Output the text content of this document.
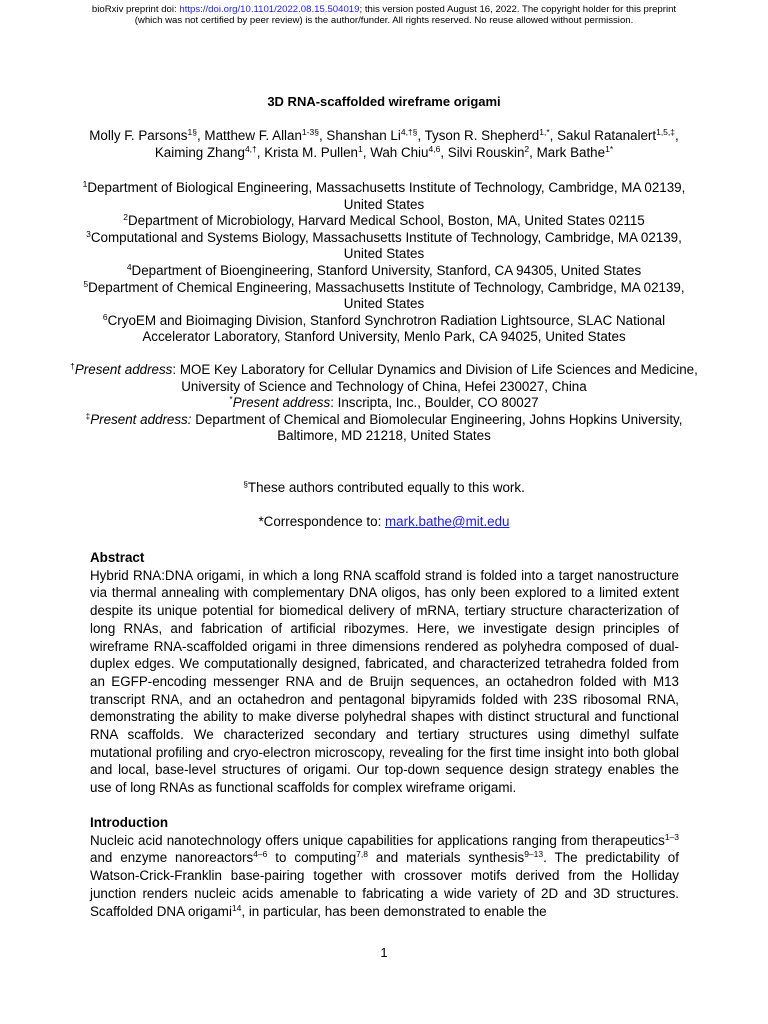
bioRxiv preprint doi: https://doi.org/10.1101/2022.08.15.504019; this version posted August 16, 2022. The copyright holder for this preprint
(which was not certified by peer review) is the author/funder. All rights reserved. No reuse allowed without permission.
3D RNA-scaffolded wireframe origami

Molly F. Parsons$^{1\S}$, Matthew F. Allan$^{1-3\S}$, Shanshan $Li^{4,\dagger\S}$, Tyson R. Shepherd$^{1,*}$, Sakul Ratanalert$^{1,5,\ddagger}$, Kaiming Zhang$^{4,\dagger}$, Krista M. Pullen$^1$, Wah Chiu$^{4,6}$, Silvi Rouskin$^2$, Mark Bathe$^{1*}$

$^1$Department of Biological Engineering, Massachusetts Institute of Technology, Cambridge, MA 02139, United States

$^2$Department of Microbiology, Harvard Medical School, Boston, MA, United States 02115

$^3$Computational and Systems Biology, Massachusetts Institute of Technology, Cambridge, MA 02139, United States

$^4$Department of Bioengineering, Stanford University, Stanford, CA 94305, United States

$^5$Department of Chemical Engineering, Massachusetts Institute of Technology, Cambridge, MA 02139, United States

$^6$CryoEM and Bioimaging Division, Stanford Synchrotron Radiation Lightsource, SLAC National Accelerator Laboratory, Stanford University, Menlo Park, CA 94025, United States

†Present address: MOE Key Laboratory for Cellular Dynamics and Division of Life Sciences and Medicine, University of Science and Technology of China, Hefei 230027, China

*Present address: Inscripta, Inc., Boulder, CO 80027

‡Present address: Department of Chemical and Biomolecular Engineering, Johns Hopkins University, Baltimore, MD 21218, United States

§These authors contributed equally to this work.

*Correspondence to: mark.bathe@mit.edu

Abstract

Hybrid RNA:DNA origami, in which a long RNA scaffold strand is folded into a target nanostructure via thermal annealing with complementary DNA oligos, has only been explored to a limited extent despite its unique potential for biomedical delivery of mRNA, tertiary structure characterization of long RNAs, and fabrication of artificial ribozymes. Here, we investigate design principles of wireframe RNA-scaffolded origami in three dimensions rendered as polyhedra composed of dual-duplex edges. We computationally designed, fabricated, and characterized tetrahedra folded from an EGFP-encoding messenger RNA and de Bruijn sequences, an octahedron folded with M13 transcript RNA, and an octahedron and pentagonal bipyramids folded with 23S ribosomal RNA, demonstrating the ability to make diverse polyhedral shapes with distinct structural and functional RNA scaffolds. We characterized secondary and tertiary structures using dimethyl sulfate mutational profiling and cryo-electron microscopy, revealing for the first time insight into both global and local, base-level structures of origami. Our top-down sequence design strategy enables the use of long RNAs as functional scaffolds for complex wireframe origami.

Introduction

Nucleic acid nanotechnology offers unique capabilities for applications ranging from therapeutics$^{1-3}$ and enzyme nanoreactors$^{4-6}$ to computing$^{7,8}$ and materials synthesis$^{9-13}$. The predictability of Watson-Crick-Franklin base-pairing together with crossover motifs derived from the Holliday junction renders nucleic acids amenable to fabricating a wide variety of 2D and 3D structures. Scaffolded DNA origami$^{14}$, in particular, has been demonstrated to enable the

1
